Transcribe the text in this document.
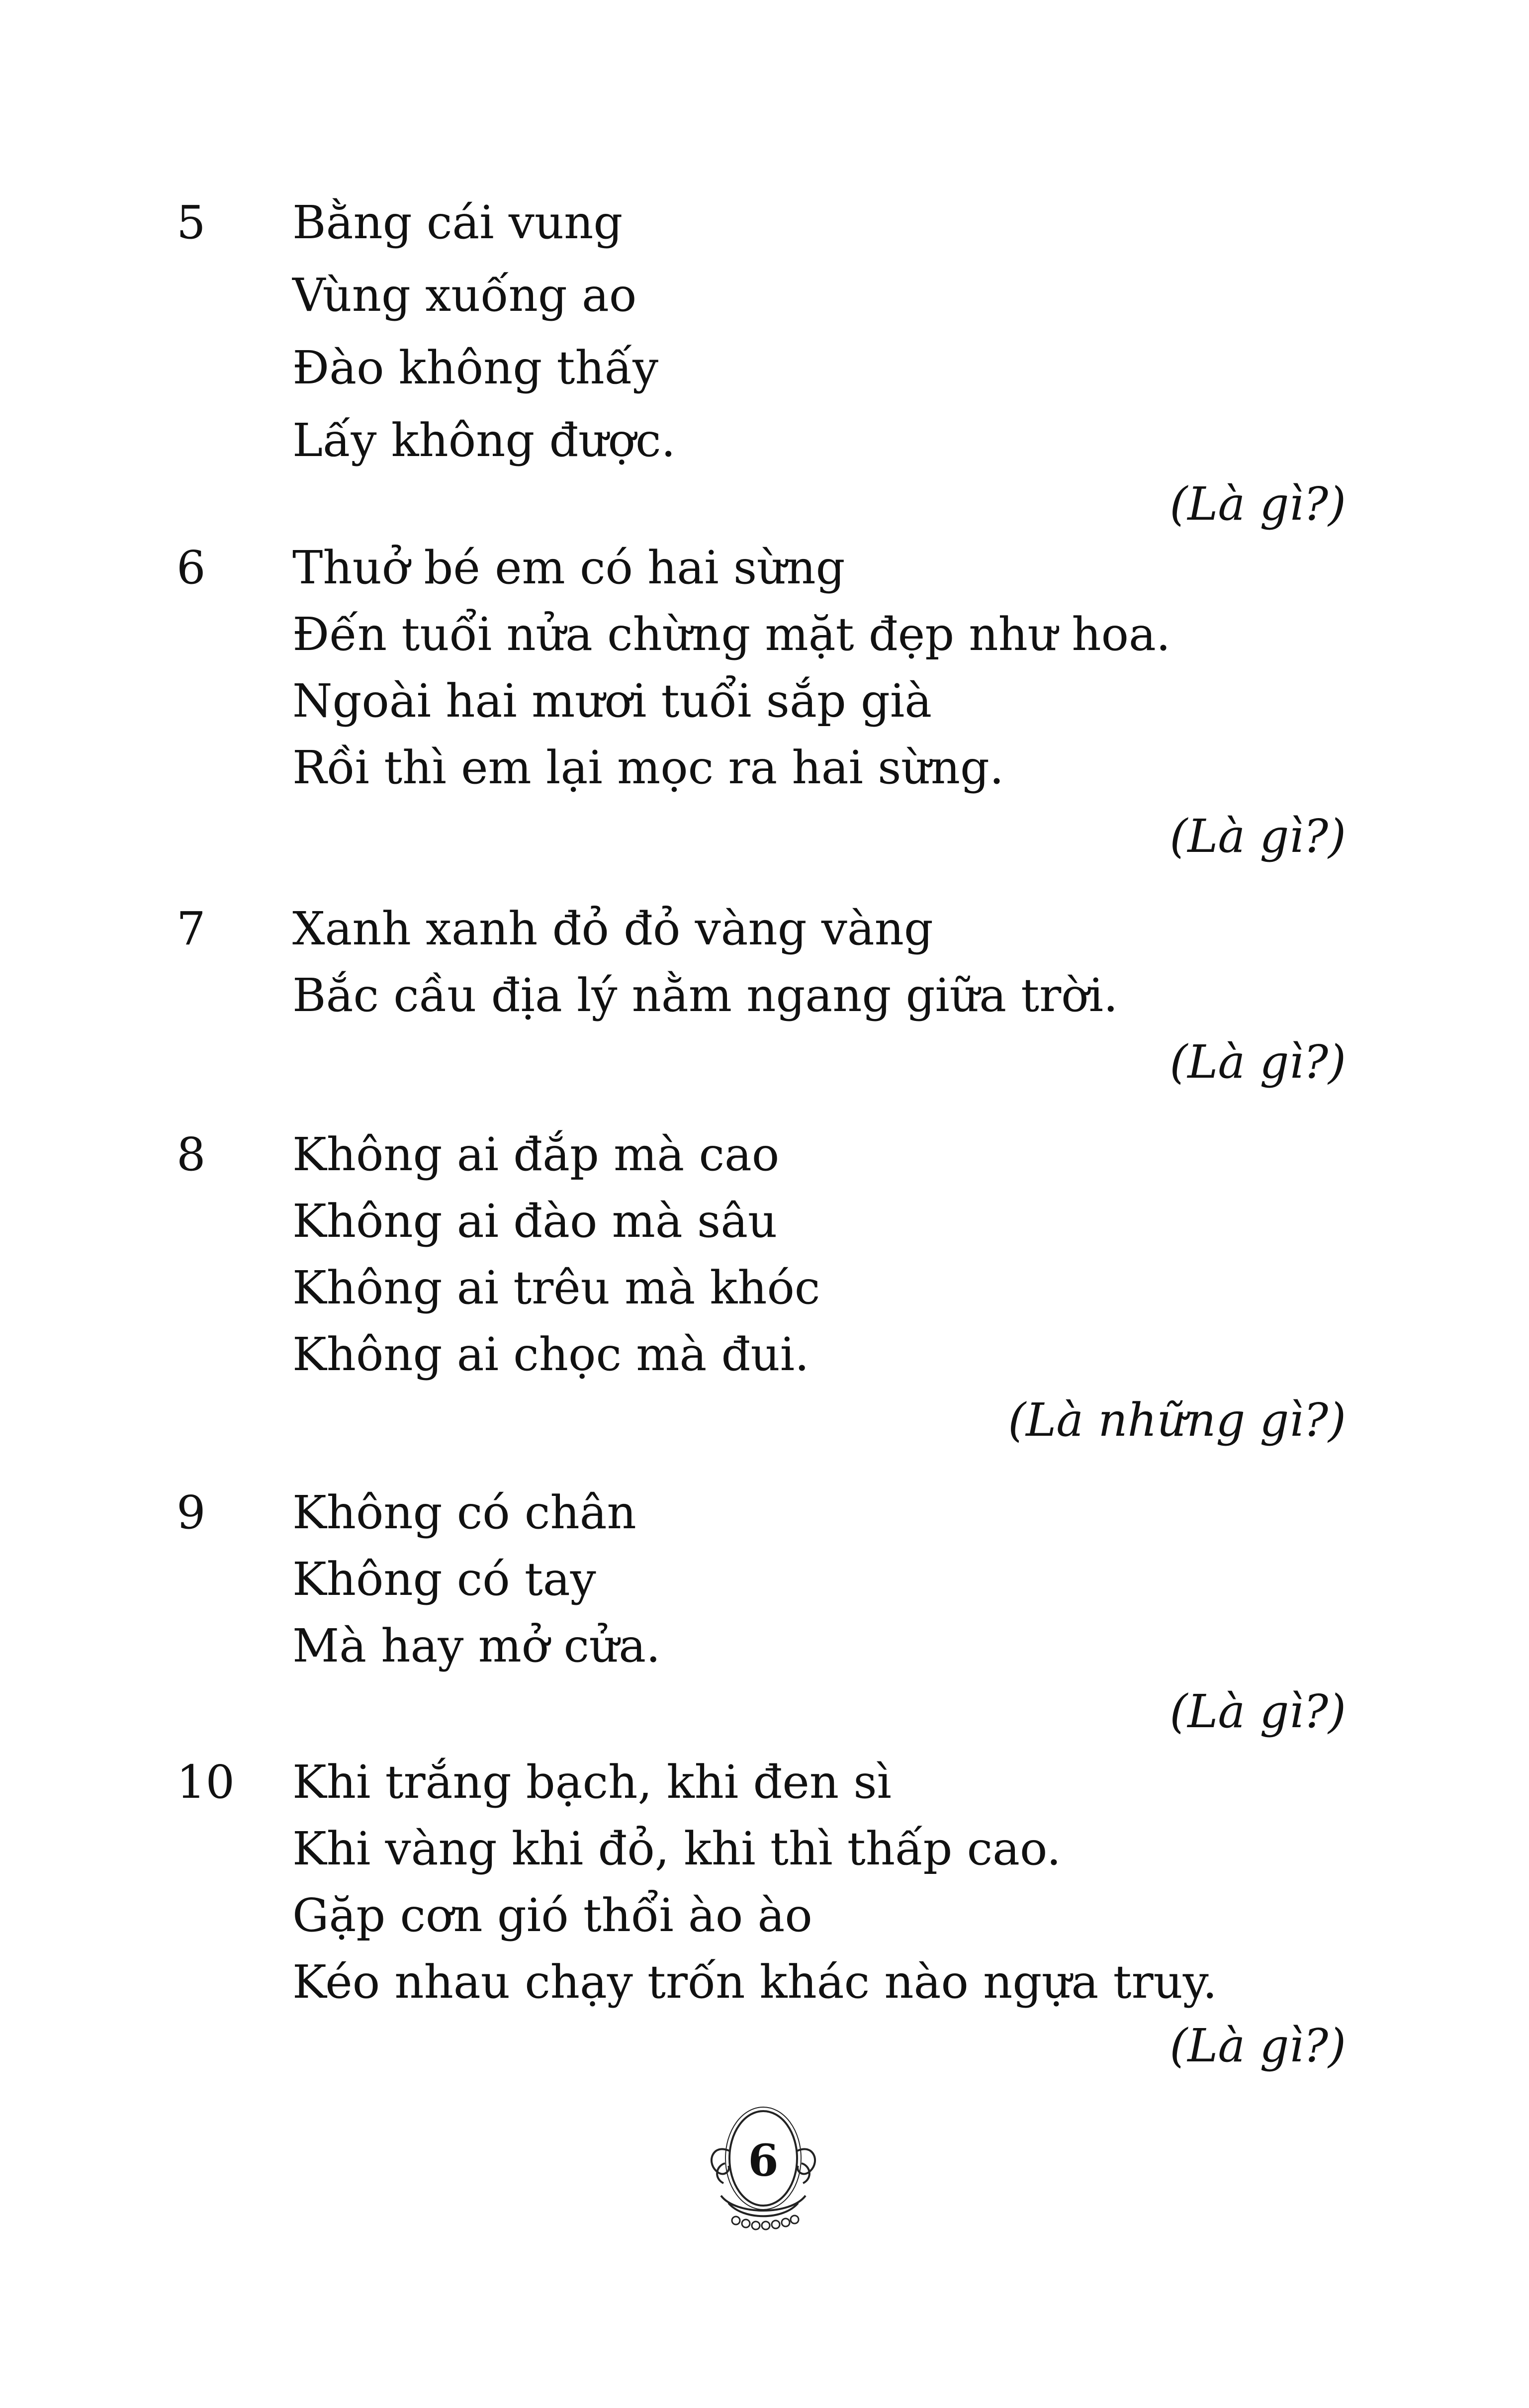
5 Bằng cái vung
Vùng xuống ao
Đào không thấy
Lấy không được.
(Là gì?)
6 Thuở bé em có hai sừng
Đến tuổi nửa chừng mặt đẹp như hoa.
Ngoài hai mươi tuổi sắp già
Rồi thì em lại mọc ra hai sừng.
(Là gì?)
7 Xanh xanh đỏ đỏ vàng vàng
Bắc cầu địa lý nằm ngang giữa trời.
(Là gì?)
8 Không ai đắp mà cao
Không ai đào mà sâu
Không ai trêu mà khóc
Không ai chọc mà đui.
(Là những gì?)
9 Không có chân
Không có tay
Mà hay mở cửa.
(Là gì?)
10 Khi trắng bạch, khi đen sì
Khi vàng khi đỏ, khi thì thấp cao.
Gặp cơn gió thổi ào ào
Kéo nhau chạy trốn khác nào ngựa truy.
(Là gì?)
6
